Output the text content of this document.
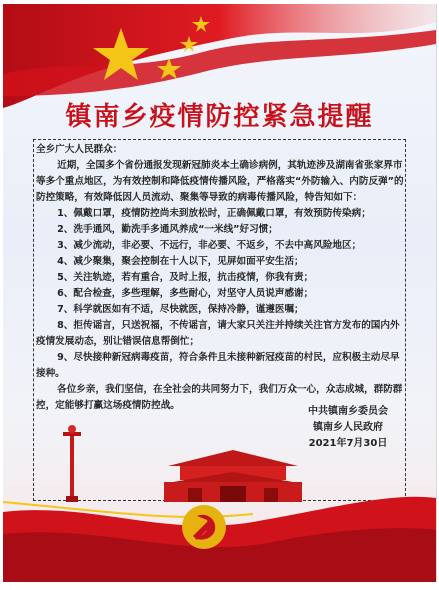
镇南乡疫情防控紧急提醒

全乡广大人民群众：

近期，全国多个省份通报发现新冠肺炎本土确诊病例，其轨迹涉及湖南省张家界市等多个重点地区，为有效控制和降低疫情传播风险，严格落实“外防输入、内防反弹”的防控策略，有效降低因人员流动、聚集等导致的病毒传播风险，特告知如下：

1、佩戴口罩，疫情防控尚未到放松时，正确佩戴口罩，有效预防传染病；

2、洗手通风，勤洗手多通风养成“一米线”好习惯；

3、减少流动，非必要、不远行，非必要、不返乡，不去中高风险地区；

4、减少聚集，聚会控制在十人以下，见屏如面平安生活；

5、关注轨迹，若有重合，及时上报，抗击疫情，你我有责；

6、配合检查，多些理解，多些耐心，对坚守人员说声感谢；

7、科学就医如有不适，尽快就医，保持冷静，谨遵医嘱；

8、拒传谣言，只送祝福，不传谣言，请大家只关注并持续关注官方发布的国内外疫情发展动态，别让错误信息帮倒忙；

9、尽快接种新冠病毒疫苗，符合条件且未接种新冠疫苗的村民，应积极主动尽早接种。

各位乡亲，我们坚信，在全社会的共同努力下，我们万众一心，众志成城，群防群控，定能够打赢这场疫情防控战。

中共镇南乡委员会
镇南乡人民政府
2021年7月30日
